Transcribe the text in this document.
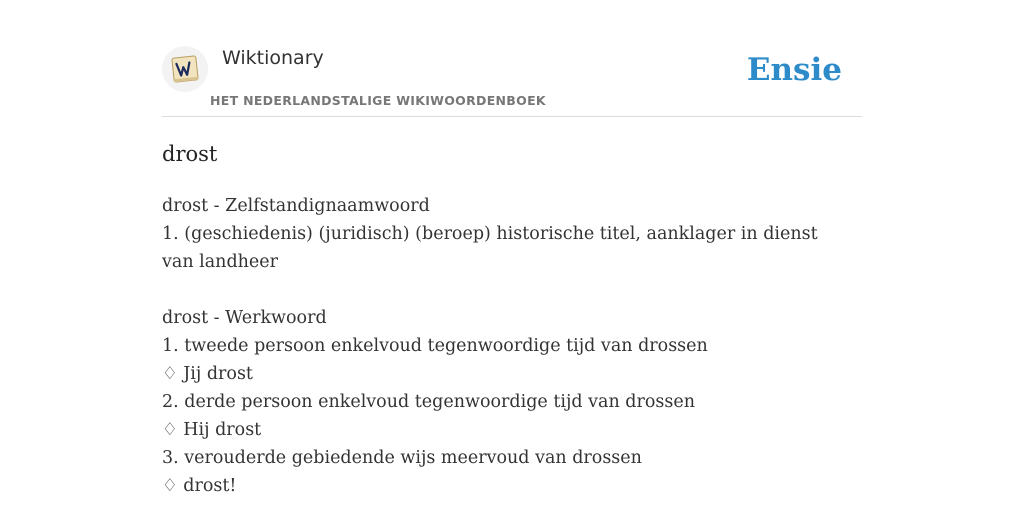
Wiktionary
HET NEDERLANDSTALIGE WIKIWOORDENBOEK
Ensie
drost

drost - Zelfstandignaamwoord

1. (geschiedenis) (juridisch) (beroep) historische titel, aanklager in dienst van landheer

drost - Werkwoord

1. tweede persoon enkelvoud tegenwoordige tijd van drossen

♢ Jij drost

2. derde persoon enkelvoud tegenwoordige tijd van drossen

♢ Hij drost

3. verouderde gebiedende wijs meervoud van drossen

♢ drost!
